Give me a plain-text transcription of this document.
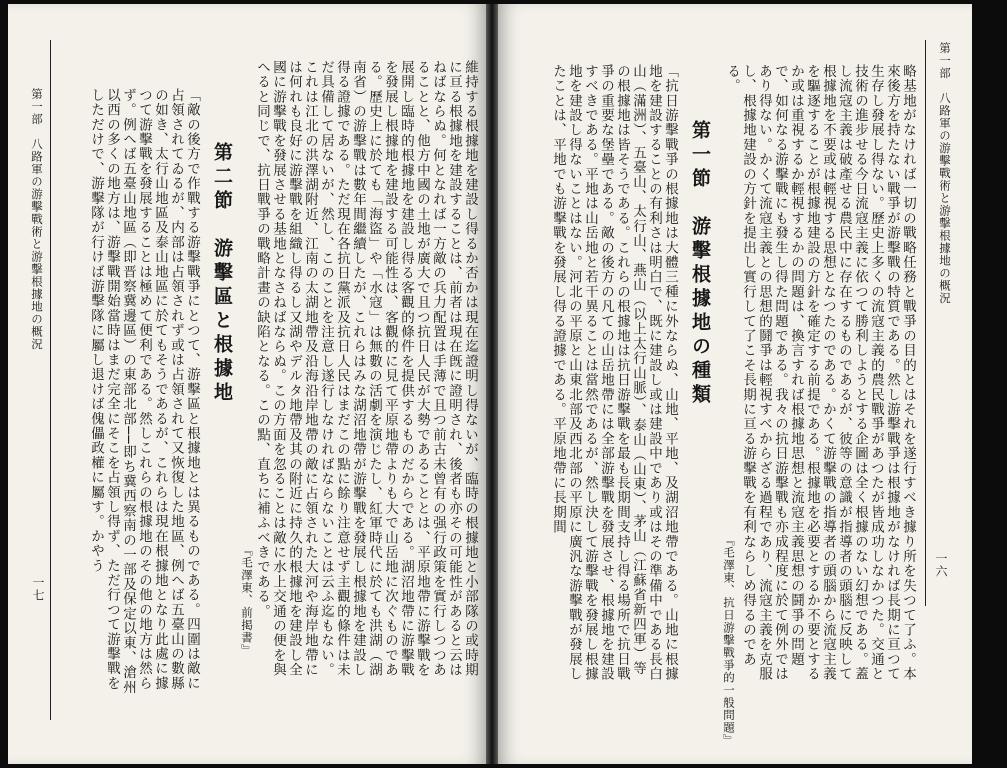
第一部　八路軍の游擊戰術と游擊根據地の概況
一六
略基地がなければ一切の戰略任務と戰爭の目的とはそれを遂行すべき據り所を失つて了ふ。本來後方を持たない戰爭が游擊戰の特質である。然し游擊戰爭は根據地がなければ長期に亘つて生存し發展し得ない。歷史上多くの流寇主義的農民戰爭があつたが皆成功しなかつた。交通と技術の進步せる今日流寇主義に依つて勝利しようとする企圖は全く根據のない幻想である。蓋し流寇主義は破產せる農民中に存在するものであるが、彼等の意識が指導者の頭腦に反映して根據地を不要或は輕視する思想となつたのである。かくて游擊戰の指導者の頭腦から流寇主義を驅逐することが根據地建設の方針を確定する前提である。根據地を必要とするか不要とするか或は重視するか輕視するかの問題は、換言すれば根據地思想と流寇主義思想の鬪爭の問題で、如何なる游擊戰にも發生し得た問題である。我々の抗日游擊戰も亦成程度に於て例外ではあり得ない。かくて流寇主義との思想的鬪爭は輕視すべからざる過程であり、流寇主義を克服し、根據地建設の方針を提出し實行して了こそ長期に亘る游擊戰を有利ならしめ得るのである。
『毛澤東、抗日游擊戰爭的一般問題』
第一節　游擊根據地の種類
「抗日游擊戰爭の根據地は大體三種に外ならぬ、山地、平地、及湖沼地帶である。山地に根據地を建設することの有利さは明白で、既に建設し或は建設中であり或はその準備中である長白山（滿洲）、五臺山、太行山、燕山（以上太行山脈）、泰山（山東）、茅山（江蘇省新四軍）等の根據地は皆そうである。これらの根據地は抗日游擊戰を最も長期間支持し得る場所で抗日戰爭の重要な堡壘である。敵の後方の凡ての山岳地帶には全部游擊戰を發展させ、根據地を建設すべきである。平地は山岳地と若干異ることは當然であるが、然し決して游擊戰を發展し根據地を建設し得ないことはない。河北の平原と山東北部及西北部の平原に廣汎な游擊戰が發展したことは、平地でも游擊戰を發展し得る證據である。平原地帶に長期間
維持する根據地を建設し得るか否かは現在迄證明し得ないが、臨時の根據地と小部隊の或時期に亘る根據地を建設することは、前者は現在旣に證明され、後者も亦その可能性があると云はねばならぬ。何となれば一方敵の兵力配置は手薄で且つ前古未曾有の强行政策を實行しつつあることと、他方中國の土地が廣大で且つ抗日人民が大勢であることとは、平原地帶に游擊戰を展開し臨時的根據地を建設し得る客觀的條件を提供するものだからである。湖沼地帶に游擊戰を發展し根據地を建設する可能性は、客觀的に見て平原地帶よりも大で山岳地に次ぐものである。歷史上に於ても「海盜」や「水寇」は無數の活劇を演じたし、紅軍時代に於ても洪湖（湖南省）の游擊戰は數年間繼續したが、これらはみな湖沼地帶が游擊戰を發展し根據地を建設し得る證據である。ただ現在各抗日黨派及抗日人民はまだこの點に餘り注意せず主觀的條件は未だ具備して居ないが、然し、このことを注意し遂行しなければならないことは云ふ迄もない。これは江北の洪澤湖附近、江南の太湖地帶及沿海沿岸地帶の敵に占領された大河や海岸地帶には何れも良好に游擊戰を組織し得るし又湖やデルタ地帶及其の附近に持久的根據地を建設し全國に游擊戰を發展させる基地となさねばならぬ。この方面を忽ることは敵に水上交通の便を與へると同じで、抗日戰爭の戰略計畫の缺陷となる。この點、直ちに補ふべきである。
『毛澤東、前掲書』
第二節　游擊區と根據地
「敵の後方で作戰する游擊戰爭にとつて、游擊區と根據地とは異るものである。四圍は敵に占領されてゐるが、内部は占領されず或は占領されて又恢復した地區、例へば五臺山の數縣の如き、太行山地區及泰山地區に於てもそうであるが、これらは現在根據地となり此處に據つて游擊戰を發展することは極めて便利である。然しこれらの根據地のその他の地方は然らず。例へば五臺山地區（即晋察冀邊區）の東部北部──即ち冀西察南の一部及保定以東、滄州以西の多くの地方は、游擊戰開始當時はまだ完全にそこを占領し得ず、ただ行つて游擊戰をしただけで、游擊隊が行けば游擊隊に屬し退けば傀儡政權に屬す。かやう
第一部　八路軍の游擊戰術と游擊根據地の概況
一七
